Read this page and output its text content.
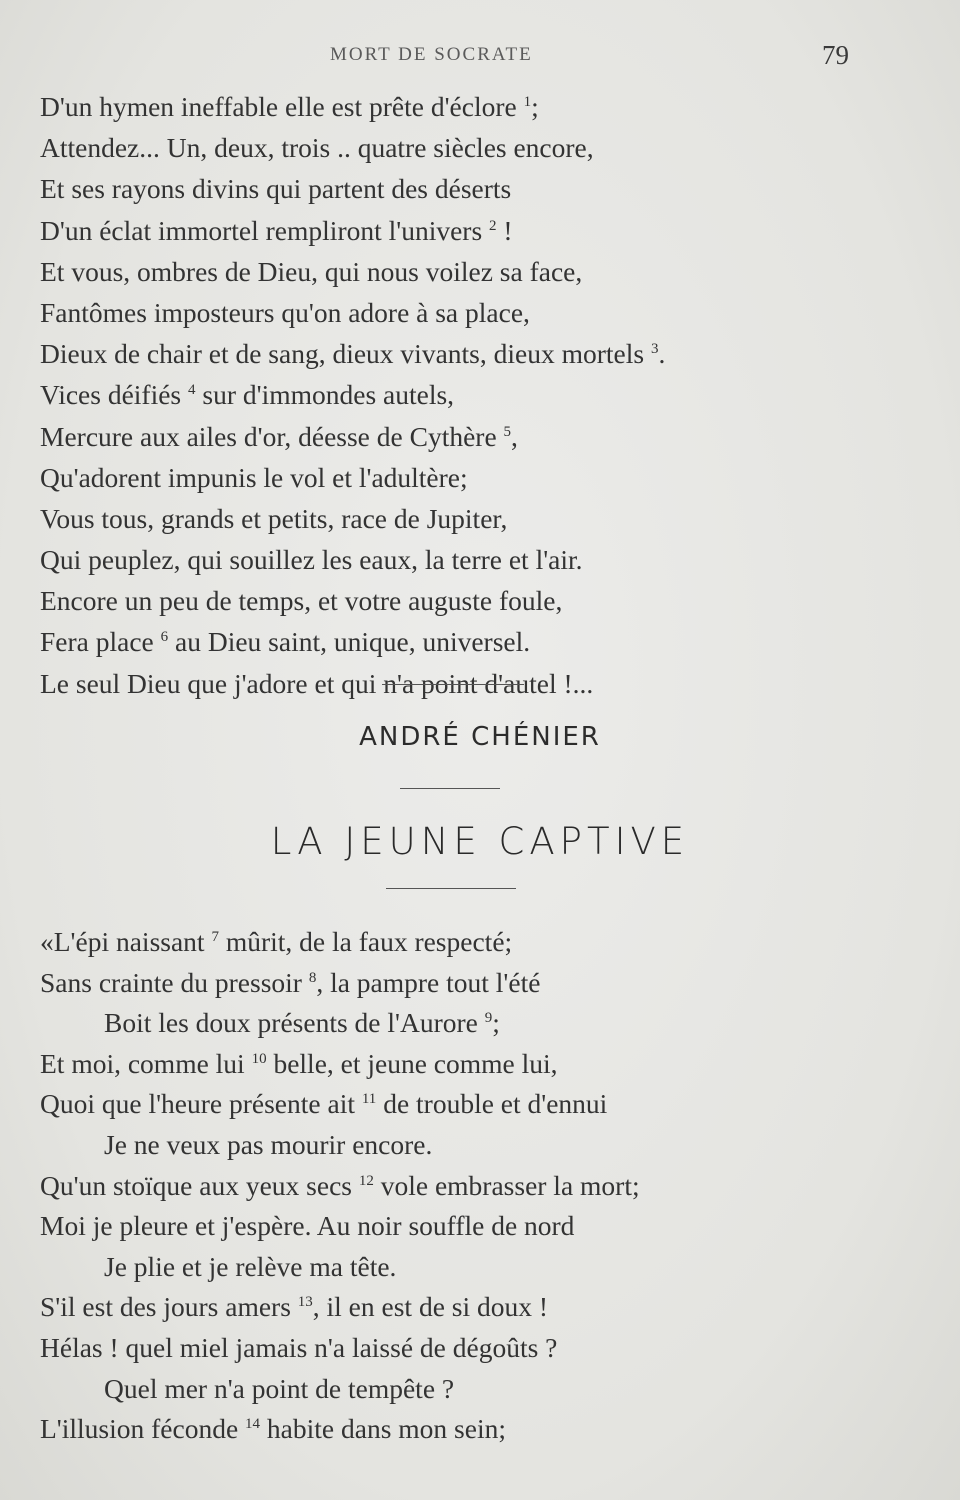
MORT DE SOCRATE	79
D'un hymen ineffable elle est prête d'éclore $^1$;
Attendez... Un, deux, trois .. quatre siècles encore,
Et ses rayons divins qui partent des déserts
D'un éclat immortel rempliront l'univers $^2$ !
Et vous, ombres de Dieu, qui nous voilez sa face,
Fantômes imposteurs qu'on adore à sa place,
Dieux de chair et de sang, dieux vivants, dieux mortels $^3$.
Vices déifiés $^4$ sur d'immondes autels,
Mercure aux ailes d'or, déesse de Cythère $^5$,
Qu'adorent impunis le vol et l'adultère;
Vous tous, grands et petits, race de Jupiter,
Qui peuplez, qui souillez les eaux, la terre et l'air.
Encore un peu de temps, et votre auguste foule,
Fera place $^6$ au Dieu saint, unique, universel.
Le seul Dieu que j'adore et qui n'a point d'autel !...
ANDRÉ CHÉNIER
LA JEUNE CAPTIVE
«L'épi naissant $^7$ mûrit, de la faux respecté;
Sans crainte du pressoir $^8$, la pampre tout l'été
Boit les doux présents de l'Aurore $^9$;
Et moi, comme lui $^{10}$ belle, et jeune comme lui,
Quoi que l'heure présente ait $^{11}$ de trouble et d'ennui
Je ne veux pas mourir encore.
Qu'un stoïque aux yeux secs $^{12}$ vole embrasser la mort;
Moi je pleure et j'espère. Au noir souffle de nord
Je plie et je relève ma tête.
S'il est des jours amers $^{13}$, il en est de si doux !
Hélas ! quel miel jamais n'a laissé de dégoûts ?
Quel mer n'a point de tempête ?
L'illusion féconde $^{14}$ habite dans mon sein;
